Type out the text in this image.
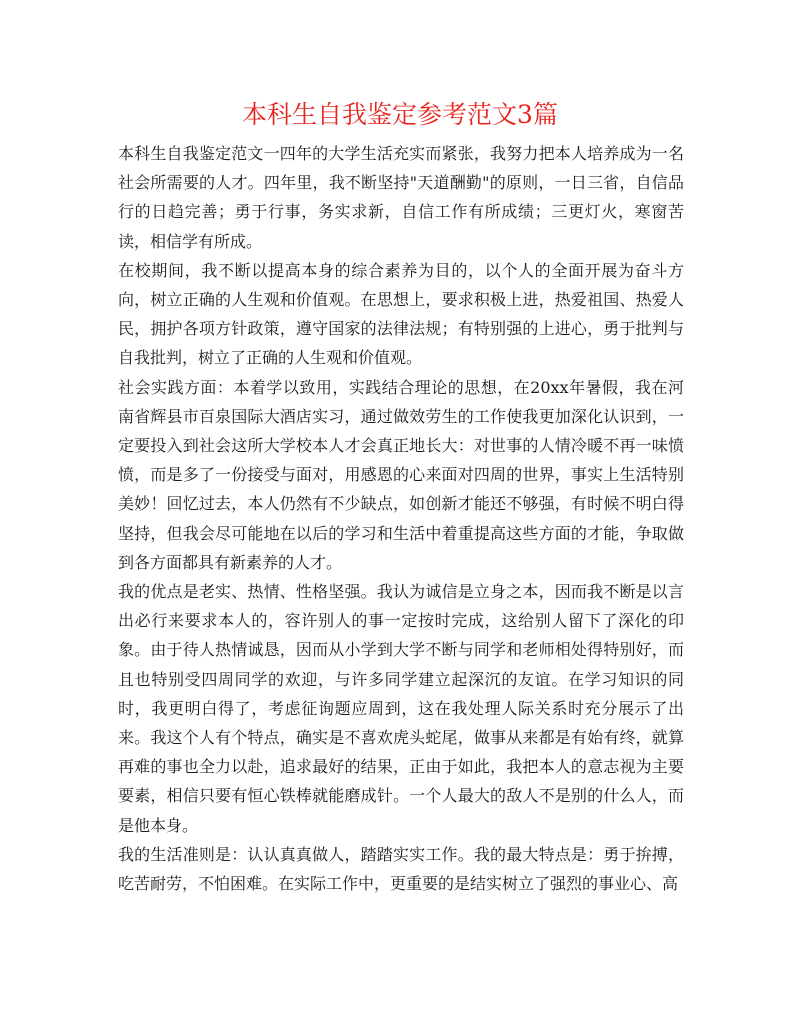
本科生自我鉴定参考范文3篇

本科生自我鉴定范文一四年的大学生活充实而紧张，我努力把本人培养成为一名社会所需要的人才。四年里，我不断坚持"天道酬勤"的原则，一日三省，自信品行的日趋完善；勇于行事，务实求新，自信工作有所成绩；三更灯火，寒窗苦读，相信学有所成。

在校期间，我不断以提高本身的综合素养为目的，以个人的全面开展为奋斗方向，树立正确的人生观和价值观。在思想上，要求积极上进，热爱祖国、热爱人民，拥护各项方针政策，遵守国家的法律法规；有特别强的上进心，勇于批判与自我批判，树立了正确的人生观和价值观。

社会实践方面：本着学以致用，实践结合理论的思想，在20xx年暑假，我在河南省辉县市百泉国际大酒店实习，通过做效劳生的工作使我更加深化认识到，一定要投入到社会这所大学校本人才会真正地长大：对世事的人情冷暖不再一味愤愤，而是多了一份接受与面对，用感恩的心来面对四周的世界，事实上生活特别美妙！回忆过去，本人仍然有不少缺点，如创新才能还不够强，有时候不明白得坚持，但我会尽可能地在以后的学习和生活中着重提高这些方面的才能，争取做到各方面都具有新素养的人才。

我的优点是老实、热情、性格坚强。我认为诚信是立身之本，因而我不断是以言出必行来要求本人的，容许别人的事一定按时完成，这给别人留下了深化的印象。由于待人热情诚恳，因而从小学到大学不断与同学和老师相处得特别好，而且也特别受四周同学的欢迎，与许多同学建立起深沉的友谊。在学习知识的同时，我更明白得了，考虑征询题应周到，这在我处理人际关系时充分展示了出来。我这个人有个特点，确实是不喜欢虎头蛇尾，做事从来都是有始有终，就算再难的事也全力以赴，追求最好的结果，正由于如此，我把本人的意志视为主要要素，相信只要有恒心铁棒就能磨成针。一个人最大的敌人不是别的什么人，而是他本身。

我的生活准则是：认认真真做人，踏踏实实工作。我的最大特点是：勇于拚搏，吃苦耐劳，不怕困难。在实际工作中，更重要的是结实树立了强烈的事业心、高
